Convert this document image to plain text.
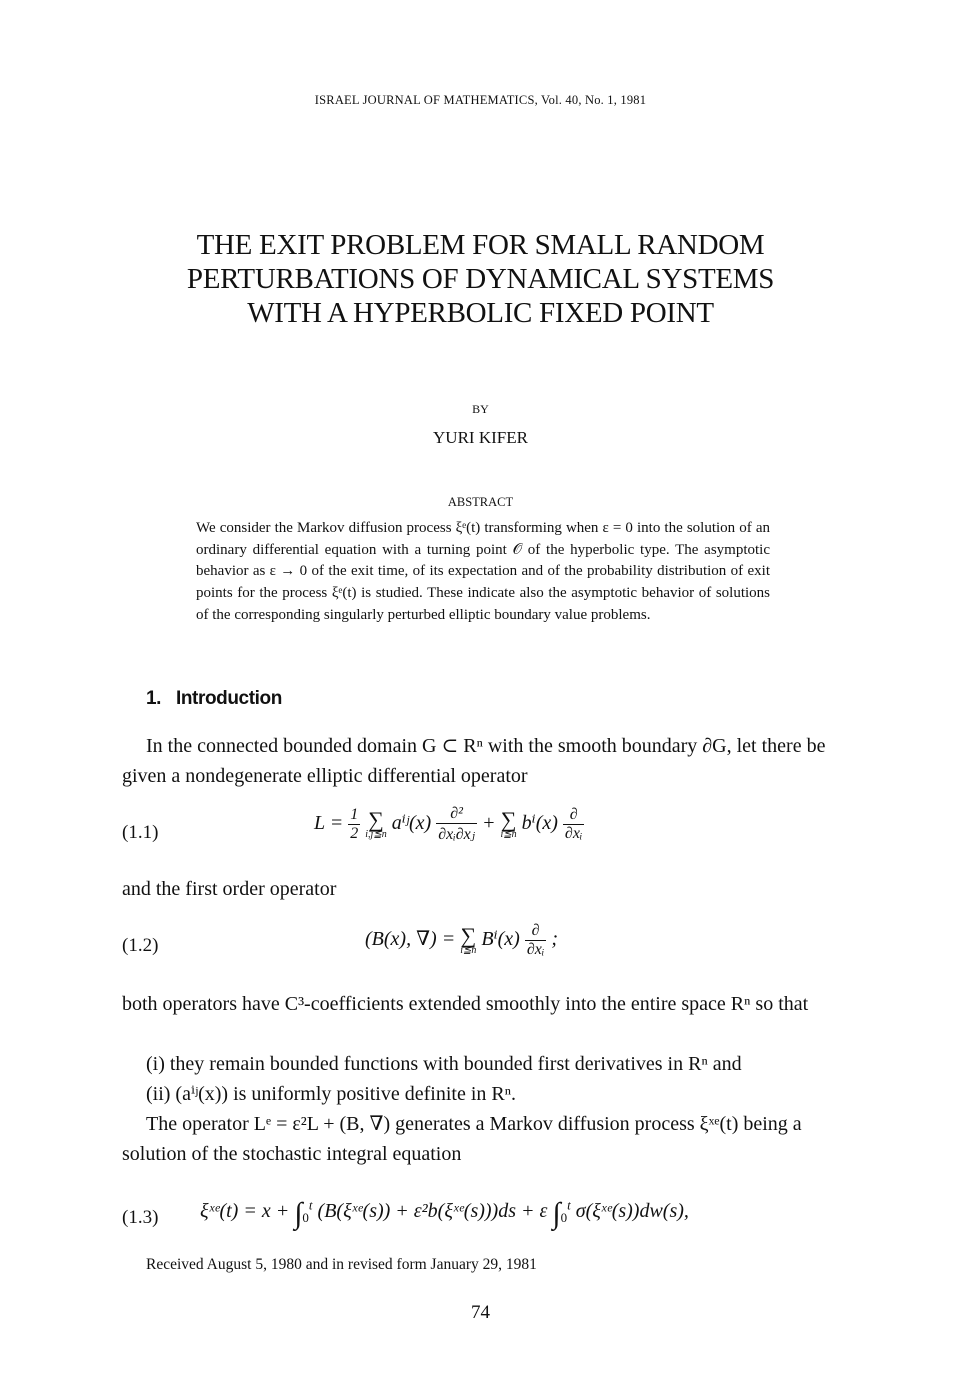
ISRAEL JOURNAL OF MATHEMATICS, Vol. 40, No. 1, 1981
THE EXIT PROBLEM FOR SMALL RANDOM
PERTURBATIONS OF DYNAMICAL SYSTEMS
WITH A HYPERBOLIC FIXED POINT
BY
YURI KIFER
ABSTRACT
We consider the Markov diffusion process ξᵉ(t) transforming when ε = 0 into the solution of an ordinary differential equation with a turning point 𝒪 of the hyperbolic type. The asymptotic behavior as ε → 0 of the exit time, of its expectation and of the probability distribution of exit points for the process ξᵉ(t) is studied. These indicate also the asymptotic behavior of solutions of the corresponding singularly perturbed elliptic boundary value problems.
1. Introduction
In the connected bounded domain G ⊂ Rⁿ with the smooth boundary ∂G, let there be given a nondegenerate elliptic differential operator
(1.1)	$L = \frac{1}{2}$
∑
i,j≦n aⁱʲ(x) $\frac{\text{∂²}}{\text{∂xᵢ∂xⱼ}}$ + ∑
i≦n $b^i(x) \frac{\partial}{\text{∂xᵢ}}$
and the first order operator
(1.2)	(B(x), ∇) = ∑
i≦n $B^i(x) \frac{\partial}{\text{∂xᵢ}}$ ;
both operators have C³-coefficients extended smoothly into the entire space Rⁿ so that
(i) they remain bounded functions with bounded first derivatives in Rⁿ and
(ii) (aⁱʲ(x)) is uniformly positive definite in Rⁿ.
The operator Lᵉ = ε²L + (B, ∇) generates a Markov diffusion process ξˣᵉ(t) being a solution of the stochastic integral equation
(1.3) ξˣᵉ(t) = $x + \int_0^t$ (B(ξˣᵉ(s)) + ε²b(ξˣᵉ(s)))ds + ε $\int_0^t$ σ(ξˣᵉ(s))dw(s),
Received August 5, 1980 and in revised form January 29, 1981
74
